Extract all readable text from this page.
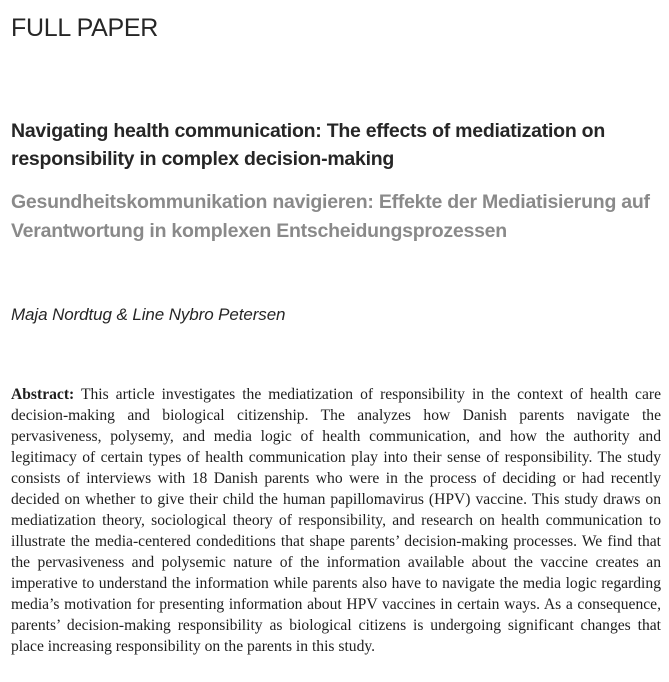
FULL PAPER
Navigating health communication: The effects of mediatization on responsibility in complex decision-making
Gesundheitskommunikation navigieren: Effekte der Mediatisierung auf Verantwortung in komplexen Entscheidungsprozessen
Maja Nordtug & Line Nybro Petersen

Abstract: This article investigates the mediatization of responsibility in the context of health care decision-making and biological citizenship. The analyzes how Danish parents navigate the pervasiveness, polysemy, and media logic of health communication, and how the authority and legitimacy of certain types of health communication play into their sense of responsibility. The study consists of interviews with 18 Danish parents who were in the process of deciding or had recently decided on whether to give their child the human papillomavirus (HPV) vaccine. This study draws on mediatization theory, sociological theory of responsibility, and research on health communication to illustrate the media-centered condeditions that shape parents’ decision-making processes. We find that the pervasiveness and polysemic nature of the information available about the vaccine creates an imperative to understand the information while parents also have to navigate the media logic regarding media’s motivation for presenting information about HPV vaccines in certain ways. As a consequence, parents’ decision-making responsibility as biological citizens is undergoing significant changes that place increasing responsibility on the parents in this study.
